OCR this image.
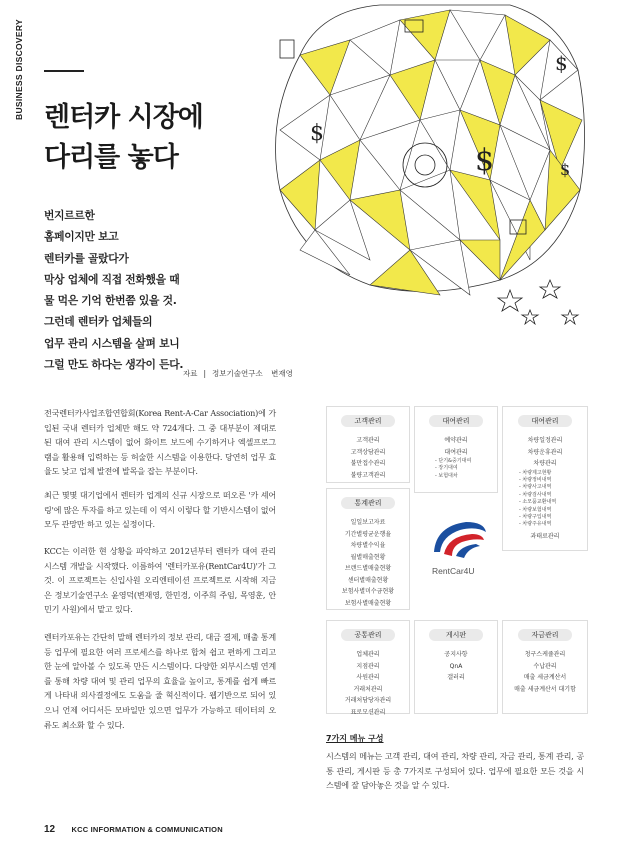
BUSINESS DISCOVERY 렌터카 시장에
다리를 놓다
번지르르한
홈페이지만 보고
렌터카를 골랐다가
막상 업체에 직접 전화했을 때
물 먹은 기억 한번쯤 있을 것.
그런데 렌터카 업체들의
업무 관리 시스템을 살펴 보니
그럴 만도 하다는 생각이 든다.
자료 | 정보기술연구소 변재영
전국렌터카사업조합연합회(Korea Rent-A-Car Association)에 가입된 국내 렌터카 업체만 해도 약 724개다. 그 중 대부분이 제대로 된 대여 관리 시스템이 없어 화이트 보드에 수기하거나 엑셀프로그램을 활용해 입력하는 등 허술한 시스템을 이용한다. 당연히 업무 효율도 낮고 업체 발전에 발목을 잡는 부분이다.
최근 몇몇 대기업에서 렌터카 업계의 신규 시장으로 떠오른 '카 셰어링'에 많은 투자를 하고 있는데 이 역시 이렇다 할 기반시스템이 없어 모두 관망만 하고 있는 실정이다.
KCC는 이러한 현 상황을 파악하고 2012년부터 렌터카 대여 관리 시스템 개발을 시작했다. 이름하여 '렌터카포유(RentCar4U)'가 그것. 이 프로젝트는 신입사원 오리엔테이션 프로젝트로 시작해 지금은 정보기술연구소 윤영덕(변재영, 한민경, 이주희 주임, 목영훈, 안민기 사원)에서 맡고 있다.
렌터카포유는 간단히 말해 렌터카의 정보 관리, 대금 결제, 매출 통계 등 업무에 필요한 여러 프로세스를 하나로 합쳐 쉽고 편하게 그리고 한 눈에 알아볼 수 있도록 만든 시스템이다. 다양한 외부시스템 연계를 통해 차량 대여 및 관리 업무의 효율을 높이고, 통계를 쉽게 빠르게 나타내 의사결정에도 도움을 줄 혁신적이다. 웹기반으로 되어 있으니 언제 어디서든 모바일만 있으면 업무가 가능하고 데이터의 오류도 최소화 할 수 있다.
$
$
$
$
고객관리
고객관리
고객상담관리
불만접수관리
불량고객관리
대여관리
예약관리
대여관리
- 단기&중기대여
- 장기대여
- 보험대차
대여관리
차량일정관리
차량운휴관리
차량관리
- 차량제고현황
- 차량정비내역
- 차량사고내역
- 차량검사내역
- 소모품교환내역
- 차량보험내역
- 차량구입내역
- 차량주유내역
과태료관리
통계관리
일일보고자료
기간별평균운행율
차량별수익율
월별매출현황
브랜드별매출현황
센터별매출현황
보험사별미수금현황
보험사별매출현황
RentCar4U
공통관리
업체관리
지점관리
사원관리
거래처관리
거래처담당자관리
표로모션관리
게시판
공지사항
QnA
갤러리
자금관리
청구스케쥴관리
수납관리
매출 세금계산서
매출 세금계산서 대기함
7가지 메뉴 구성
시스템의 메뉴는 고객 관리, 대여 관리, 차량 관리, 자금 관리, 통계 관리, 공통 관리, 게시판 등 총 7가지로 구성되어 있다. 업무에 필요한 모든 것을 시스템에 잘 담아놓은 것을 알 수 있다.
12 KCC INFORMATION & COMMUNICATION
